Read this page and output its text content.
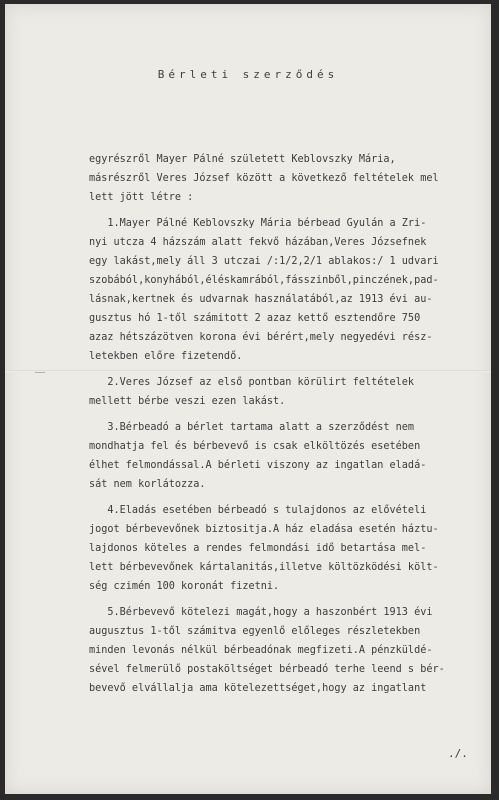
Bérleti szerződés
egyrészről Mayer Pálné született Keblovszky Mária,
másrészről Veres József között a következő feltételek mel
lett jött létre :
1.Mayer Pálné Keblovszky Mária bérbead Gyulán a Zri-
nyi utcza 4 házszám alatt fekvő házában,Veres Józsefnek
egy lakást,mely áll 3 utczai /:1/2,2/1 ablakos:/ 1 udvari
szobából,konyhából,éléskamrából,fásszinből,pinczének,pad-
lásnak,kertnek és udvarnak használatából,az 1913 évi au-
gusztus hó 1-től számitott 2 azaz kettő esztendőre 750
azaz hétszázötven korona évi bérért,mely negyedévi rész-
letekben előre fizetendő.
2.Veres József az első pontban körülirt feltételek
mellett bérbe veszi ezen lakást.
3.Bérbeadó a bérlet tartama alatt a szerződést nem
mondhatja fel és bérbevevő is csak elköltözés esetében
élhet felmondással.A bérleti viszony az ingatlan eladá-
sát nem korlátozza.
4.Eladás esetében bérbeadó s tulajdonos az elővételi
jogot bérbevevőnek biztositja.A ház eladása esetén háztu-
lajdonos köteles a rendes felmondási idő betartása mel-
lett bérbevevőnek kártalanitás,illetve költözködési költ-
ség czimén 100 koronát fizetni.
5.Bérbevevő kötelezi magát,hogy a haszonbért 1913 évi
augusztus 1-től számitva egyenlő előleges részletekben
minden levonás nélkül bérbeadónak megfizeti.A pénzküldé-
sével felmerülő postaköltséget bérbeadó terhe leend s bér-
bevevő elvállalja ama kötelezettséget,hogy az ingatlant
./.
